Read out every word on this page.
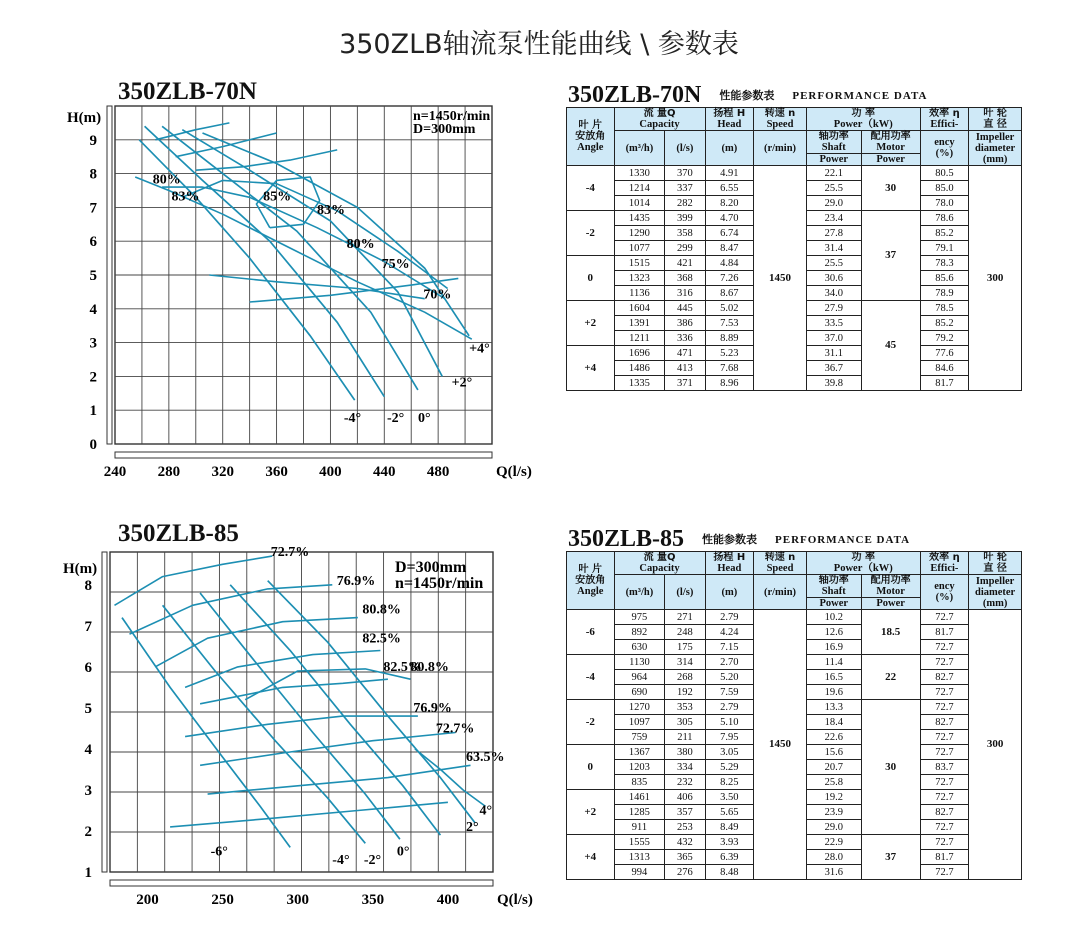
350ZLB轴流泵性能曲线 \ 参数表
350ZLB-70N
240 280 320 360 400 440 480
0
1
2
3
4
5
6
7
8
9
Q(l/s)
H(m)	n=1450r/min
D=300mm
80%
83%	85%
83%
80%
75%
70%
-4° -2° 0°
+2°
+4°
350ZLB-85
200	250	300	350	400
1
2
3
4
5
6
7
8
Q(l/s)
H(m)	D=300mm
n=1450r/min
72.7%
76.9%
80.8%
82.5%
82.5%
80.8%
76.9%
72.7%
63.5%
-6°
-4° -2°
0°
2°
4°
350ZLB-70N 性能参数表 PERFORMANCE DATA
叶 片
安放角
Angle	流 量Q
Capacity		扬程 H
Head	转速 n
Speed	功 率
Power（kW)		效率 η
Effici-	叶 轮
直 径

	(m³/h)	(l/s)	(m)	(r/min)	轴功率
Shaft	配用功率
Motor	ency
(%)	Impeller
diameter
(mm)
					Power	Power		
-4	1330	370	4.91	1450	22.1	30	80.5	300
	1214	337	6.55		25.5		85.0	
	1014	282	8.20		29.0		78.0	
-2	1435	399	4.70		23.4	37	78.6	
	1290	358	6.74		27.8		85.2	
	1077	299	8.47		31.4		79.1	
0	1515	421	4.84		25.5		78.3	
	1323	368	7.26		30.6		85.6	
	1136	316	8.67		34.0		78.9	
+2	1604	445	5.02		27.9	45	78.5	
	1391	386	7.53		33.5		85.2	
	1211	336	8.89		37.0		79.2	
+4	1696	471	5.23		31.1		77.6	
	1486	413	7.68		36.7		84.6	
	1335	371	8.96		39.8		81.7	
350ZLB-85 性能参数表 PERFORMANCE DATA
叶 片
安放角
Angle	流 量Q
Capacity		扬程 H
Head	转速 n
Speed	功 率
Power（kW)		效率 η
Effici-	叶 轮
直 径

	(m³/h)	(l/s)	(m)	(r/min)	轴功率
Shaft	配用功率
Motor	ency
(%)	Impeller
diameter
(mm)
					Power	Power		
-6	975	271	2.79	1450	10.2	18.5	72.7	300
	892	248	4.24		12.6		81.7	
	630	175	7.15		16.9		72.7	
-4	1130	314	2.70		11.4	22	72.7	
	964	268	5.20		16.5		82.7	
	690	192	7.59		19.6		72.7	
-2	1270	353	2.79		13.3	30	72.7	
	1097	305	5.10		18.4		82.7	
	759	211	7.95		22.6		72.7	
0	1367	380	3.05		15.6		72.7	
	1203	334	5.29		20.7		83.7	
	835	232	8.25		25.8		72.7	
+2	1461	406	3.50		19.2		72.7	
	1285	357	5.65		23.9		82.7	
	911	253	8.49		29.0		72.7	
+4	1555	432	3.93		22.9	37	72.7	
	1313	365	6.39		28.0		81.7	
	994	276	8.48		31.6		72.7	
